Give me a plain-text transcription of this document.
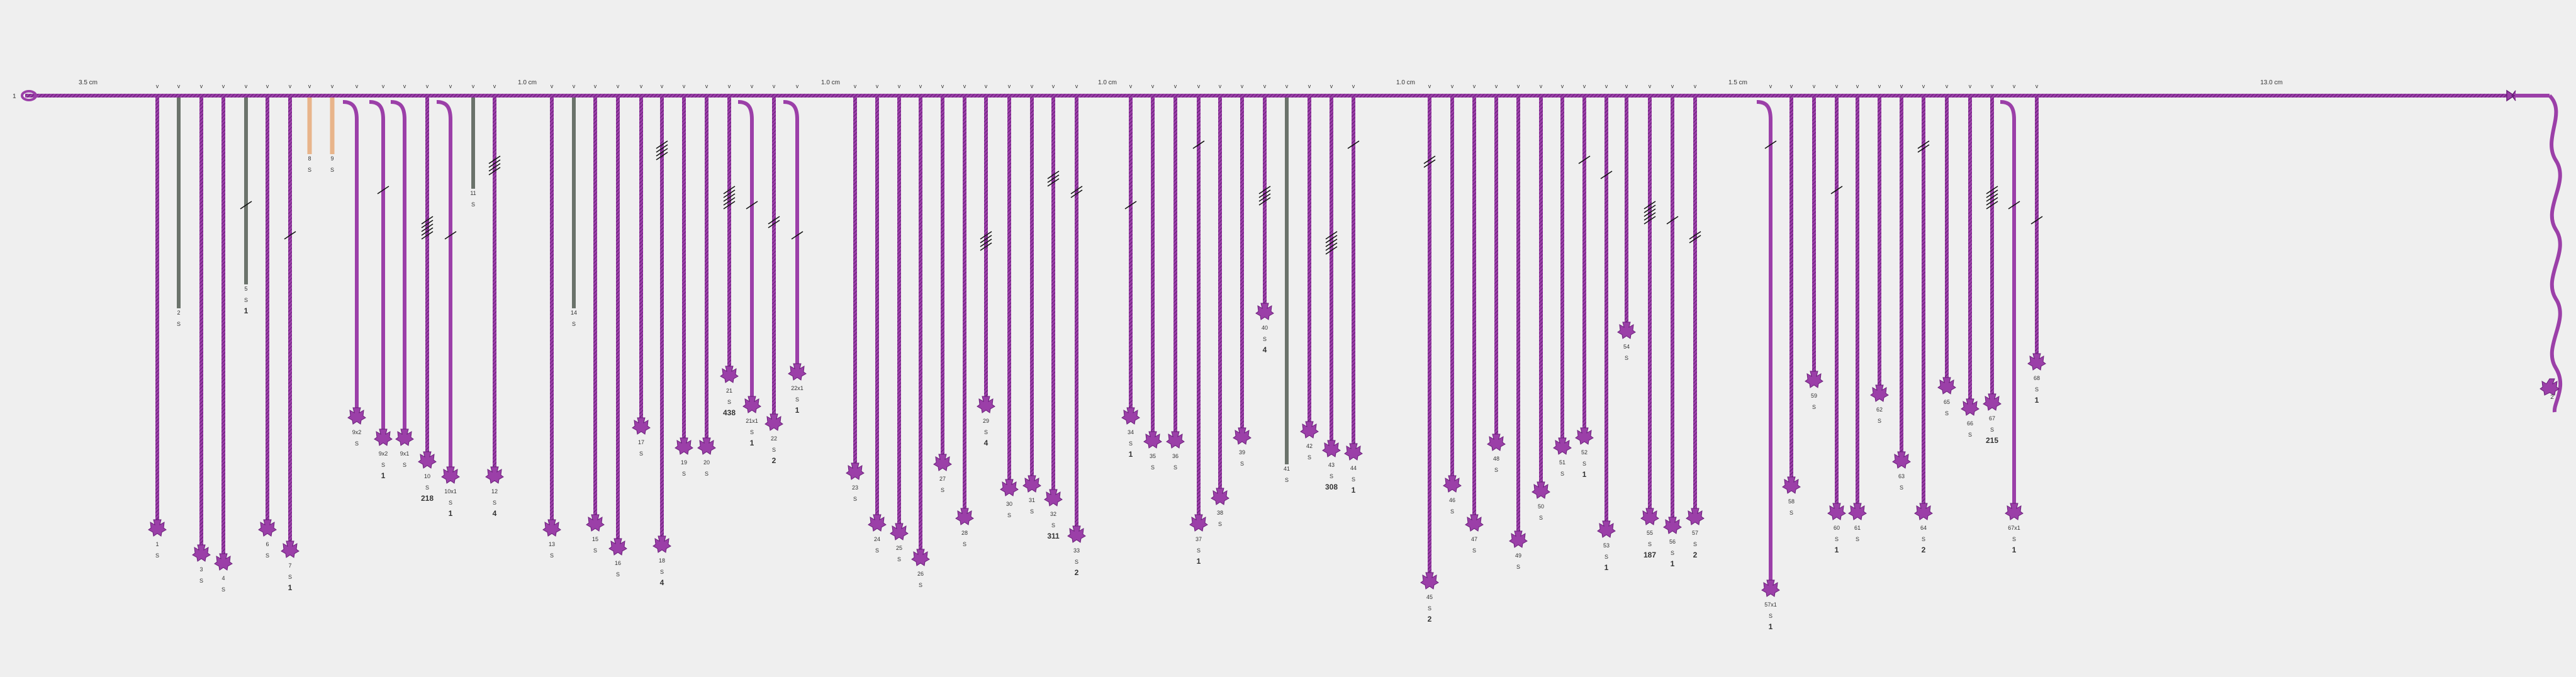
v
1
S
v
2
S
v
3
S
v
4
S
v
5
S
1
v
6
S
v
7
S
1
v
8
S
v
9
S
v
9x2
S
v
9x2
S
1
v
9x1
S
v
10
S
218
v
10x1
S
1
v
11
S
v
12
S
4
v
13
S
v
14
S
v
15
S
v
16
S
v
17
S
v
18
S
4
v
19
S
v
20
S
v
21
S
438
v
21x1
S
1
v
22
S
2
v
22x1
S
1
v
23
S
v
24
S
v
25
S
v
26
S
v
27
S
v
28
S
v
29
S
4
v
30
S
v
31
S
v
32
S
311
v
33
S
2
v
34
S
1
v
35
S
v
36
S
v
37
S
1
v
38
S
v
39
S
v
40
S
4
v
41
S
v
42
S
v
43
S
308
v
44
S
1
v
45
S
2
v
46
S
v
47
S
v
48
S
v
49
S
v
50
S
v
51
S
v
52
S
1
v
53
S
1
v
54
S
v
55
S
187
v
56
S
1
v
57
S
2
v
57x1
S
1
v
58
S
v
59
S
v
60
S
1
v
61
S
v
62
S
v
63
S
v
64
S
2
v
65
S
v
66
S
v
67
S
215
v
67x1
S
1
v
68
S
1
1
2
3.5 cm	1.0 cm	1.0 cm	1.0 cm	1.0 cm	1.5 cm	13.0 cm
